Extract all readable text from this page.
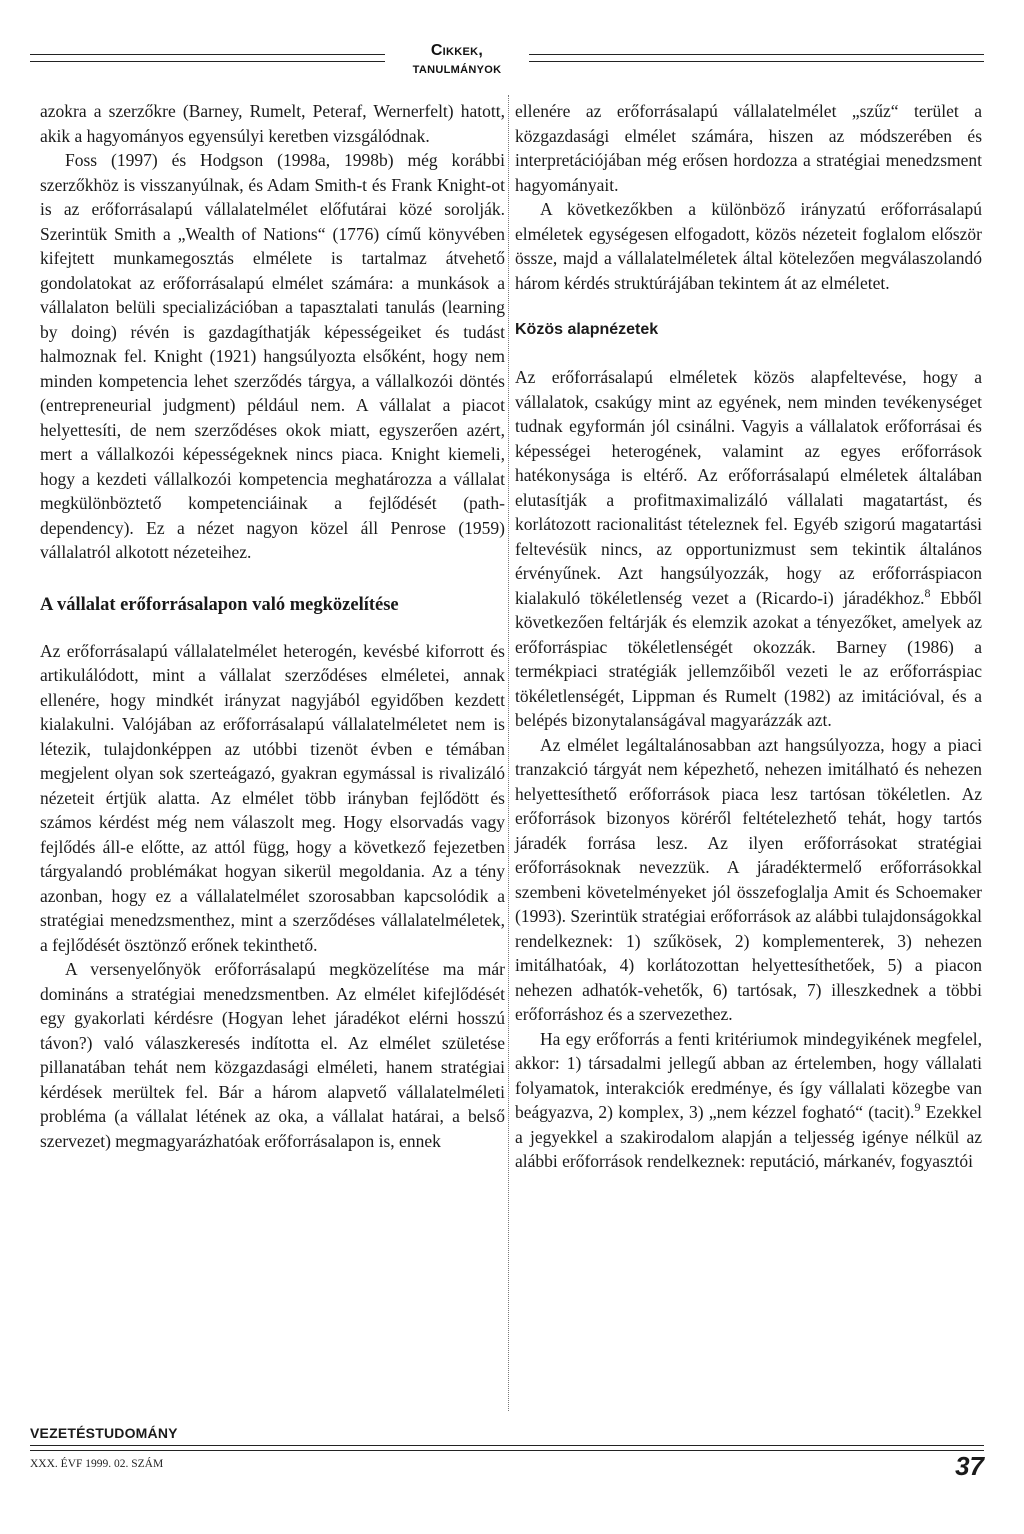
Cikkek, tanulmányok

azokra a szerzőkre (Barney, Rumelt, Peteraf, Wernerfelt) hatott, akik a hagyományos egyensúlyi keretben vizsgálódnak.

Foss (1997) és Hodgson (1998a, 1998b) még korábbi szerzőkhöz is visszanyúlnak, és Adam Smith-t és Frank Knight-ot is az erőforrásalapú vállalatelmélet előfutárai közé sorolják. Szerintük Smith a „Wealth of Nations“ (1776) című könyvében kifejtett munkamegosztás elmélete is tartalmaz átvehető gondolatokat az erőforrásalapú elmélet számára: a munkások a vállalaton belüli specializációban a tapasztalati tanulás (learning by doing) révén is gazdagíthatják képességeiket és tudást halmoznak fel. Knight (1921) hangsúlyozta elsőként, hogy nem minden kompetencia lehet szerződés tárgya, a vállalkozói döntés (entrepreneurial judgment) például nem. A vállalat a piacot helyettesíti, de nem szerződéses okok miatt, egyszerően azért, mert a vállalkozói képességeknek nincs piaca. Knight kiemeli, hogy a kezdeti vállalkozói kompetencia meghatározza a vállalat megkülönböztető kompetenciáinak a fejlődését (path-dependency). Ez a nézet nagyon közel áll Penrose (1959) vállalatról alkotott nézeteihez.

A vállalat erőforrásalapon való megközelítése

Az erőforrásalapú vállalatelmélet heterogén, kevésbé kiforrott és artikulálódott, mint a vállalat szerződéses elméletei, annak ellenére, hogy mindkét irányzat nagyjából egyidőben kezdett kialakulni. Valójában az erőforrásalapú vállalatelméletet nem is létezik, tulajdonképpen az utóbbi tizenöt évben e témában megjelent olyan sok szerteágazó, gyakran egymással is rivalizáló nézeteit értjük alatta. Az elmélet több irányban fejlődött és számos kérdést még nem válaszolt meg. Hogy elsorvadás vagy fejlődés áll-e előtte, az attól függ, hogy a következő fejezetben tárgyalandó problémákat hogyan sikerül megoldania. Az a tény azonban, hogy ez a vállalatelmélet szorosabban kapcsolódik a stratégiai menedzsmenthez, mint a szerződéses vállalatelméletek, a fejlődését ösztönző erőnek tekinthető.

A versenyelőnyök erőforrásalapú megközelítése ma már domináns a stratégiai menedzsmentben. Az elmélet kifejlődését egy gyakorlati kérdésre (Hogyan lehet járadékot elérni hosszú távon?) való válaszkeresés indította el. Az elmélet születése pillanatában tehát nem közgazdasági elméleti, hanem stratégiai kérdések merültek fel. Bár a három alapvető vállalatelméleti probléma (a vállalat létének az oka, a vállalat határai, a belső szervezet) megmagyarázhatóak erőforrásalapon is, ennek

ellenére az erőforrásalapú vállalatelmélet „szűz“ terület a közgazdasági elmélet számára, hiszen az módszerében és interpretációjában még erősen hordozza a stratégiai menedzsment hagyományait.

A következőkben a különböző irányzatú erőforrásalapú elméletek egységesen elfogadott, közös nézeteit foglalom először össze, majd a vállalatelméletek által kötelezően megválaszolandó három kérdés struktúrájában tekintem át az elméletet.

Közös alapnézetek

Az erőforrásalapú elméletek közös alapfeltevése, hogy a vállalatok, csakúgy mint az egyének, nem minden tevékenységet tudnak egyformán jól csinálni. Vagyis a vállalatok erőforrásai és képességei heterogének, valamint az egyes erőforrások hatékonysága is eltérő. Az erőforrásalapú elméletek általában elutasítják a profitmaximalizáló vállalati magatartást, és korlátozott racionalitást tételeznek fel. Egyéb szigorú magatartási feltevésük nincs, az opportunizmust sem tekintik általános érvényűnek. Azt hangsúlyozzák, hogy az erőforráspiacon kialakuló tökéletlenség vezet a (Ricardo-i) járadékhoz.$^8$ Ebből következően feltárják és elemzik azokat a tényezőket, amelyek az erőforráspiac tökéletlenségét okozzák. Barney (1986) a termékpiaci stratégiák jellemzőiből vezeti le az erőforráspiac tökéletlenségét, Lippman és Rumelt (1982) az imitációval, és a belépés bizonytalanságával magyarázzák azt.

Az elmélet legáltalánosabban azt hangsúlyozza, hogy a piaci tranzakció tárgyát nem képezhető, nehezen imitálható és nehezen helyettesíthető erőforrások piaca lesz tartósan tökéletlen. Az erőforrások bizonyos köréről feltételezhető tehát, hogy tartós járadék forrása lesz. Az ilyen erőforrásokat stratégiai erőforrásoknak nevezzük. A járadéktermelő erőforrásokkal szembeni követelményeket jól összefoglalja Amit és Schoemaker (1993). Szerintük stratégiai erőforrások az alábbi tulajdonságokkal rendelkeznek: 1) szűkösek, 2) komplementerek, 3) nehezen imitálhatóak, 4) korlátozottan helyettesíthetőek, 5) a piacon nehezen adhatók-vehetők, 6) tartósak, 7) illeszkednek a többi erőforráshoz és a szervezethez.

Ha egy erőforrás a fenti kritériumok mindegyikének megfelel, akkor: 1) társadalmi jellegű abban az értelemben, hogy vállalati folyamatok, interakciók eredménye, és így vállalati közegbe van beágyazva, 2) komplex, 3) „nem kézzel fogható“ (tacit).$^9$ Ezekkel a jegyekkel a szakirodalom alapján a teljesség igénye nélkül az alábbi erőforrások rendelkeznek: reputáció, márkanév, fogyasztói

VEZETÉSTUDOMÁNY
XXX. ÉVF 1999. 02. SZÁM	37
